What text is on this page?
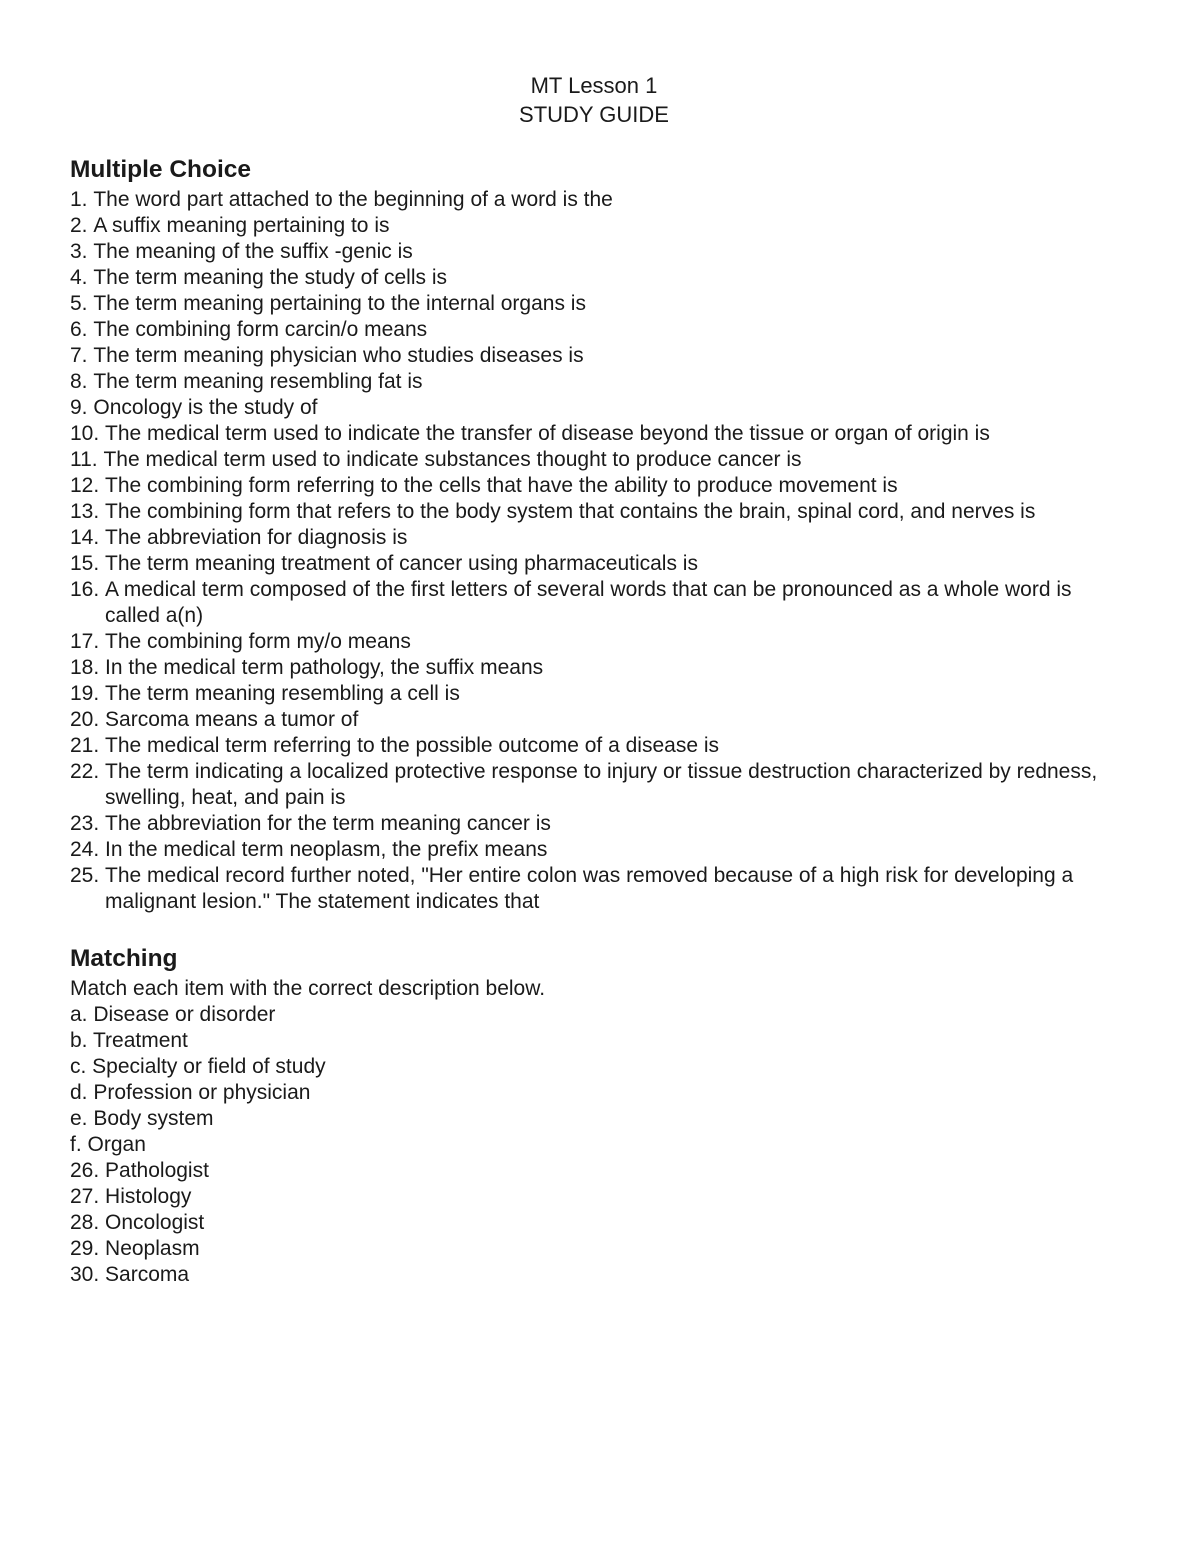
MT Lesson 1
STUDY GUIDE
Multiple Choice
1. The word part attached to the beginning of a word is the
2. A suffix meaning pertaining to is
3. The meaning of the suffix -genic is
4. The term meaning the study of cells is
5. The term meaning pertaining to the internal organs is
6. The combining form carcin/o means
7. The term meaning physician who studies diseases is
8. The term meaning resembling fat is
9. Oncology is the study of
10. The medical term used to indicate the transfer of disease beyond the tissue or organ of origin is
11. The medical term used to indicate substances thought to produce cancer is
12. The combining form referring to the cells that have the ability to produce movement is
13. The combining form that refers to the body system that contains the brain, spinal cord, and nerves is
14. The abbreviation for diagnosis is
15. The term meaning treatment of cancer using pharmaceuticals is
16. A medical term composed of the first letters of several words that can be pronounced as a whole word is called a(n)
17. The combining form my/o means
18. In the medical term pathology, the suffix means
19. The term meaning resembling a cell is
20. Sarcoma means a tumor of
21. The medical term referring to the possible outcome of a disease is
22. The term indicating a localized protective response to injury or tissue destruction characterized by redness, swelling, heat, and pain is
23. The abbreviation for the term meaning cancer is
24. In the medical term neoplasm, the prefix means
25. The medical record further noted, "Her entire colon was removed because of a high risk for developing a malignant lesion." The statement indicates that
Matching
Match each item with the correct description below.
a. Disease or disorder
b. Treatment
c. Specialty or field of study
d. Profession or physician
e. Body system
f. Organ
26. Pathologist
27. Histology
28. Oncologist
29. Neoplasm
30. Sarcoma
